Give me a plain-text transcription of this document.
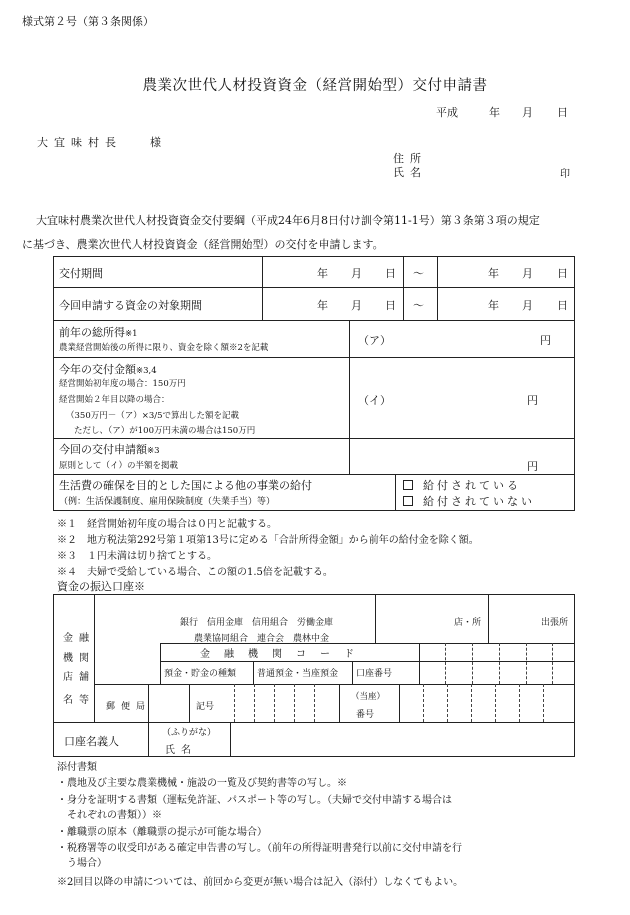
様式第２号（第３条関係）
農業次世代人材投資資金（経営開始型）交付申請書
平成	年 月 日
大宜味村長	様
住所
氏名	印
大宜味村農業次世代人材投資資金交付要綱（平成24年6月8日付け訓令第11-1号）第３条第３項の規定
に基づき、農業次世代人材投資資金（経営開始型）の交付を申請します。
交付期間	年 月 日 ～	年 月 日
今回申請する資金の対象期間	年 月 日 ～	年 月 日
前年の総所得※1
農業経営開始後の所得に限り、資金を除く額※2を記載
（ア）	円
今年の交付金額※3,4
経営開始初年度の場合：150万円
経営開始２年目以降の場合：
（350万円－（ア）×3/5で算出した額を記載
ただし、（ア）が100万円未満の場合は150万円
（イ）	円
今回の交付申請額※3
原則として（イ）の半額を掲載	円
生活費の確保を目的とした国による他の事業の給付
（例：生活保護制度、雇用保険制度（失業手当）等）
給付されている
給付されていない
※１　経営開始初年度の場合は０円と記載する。
※２　地方税法第292号第１項第13号に定める「合計所得金額」から前年の給付金を除く額。
※３　１円未満は切り捨てとする。
※４　夫婦で受給している場合、この額の1.5倍を記載する。
資金の振込口座※
金融
機関
店舗
名等
銀行　信用金庫　信用組合　労働金庫
農業協同組合　連合会　農林中金
店・所	出張所
金融機関コード
預金・貯金の種類 普通預金・当座預金 口座番号
郵便局	記号
（当座）
番号
口座名義人
（ふりがな）
氏名
添付書類
・農地及び主要な農業機械・施設の一覧及び契約書等の写し。※
・身分を証明する書類（運転免許証、パスポート等の写し。（夫婦で交付申請する場合は
　それぞれの書類））※
・離職票の原本（離職票の提示が可能な場合）
・税務署等の収受印がある確定申告書の写し。（前年の所得証明書発行以前に交付申請を行
　う場合）
※2回目以降の申請については、前回から変更が無い場合は記入（添付）しなくてもよい。
